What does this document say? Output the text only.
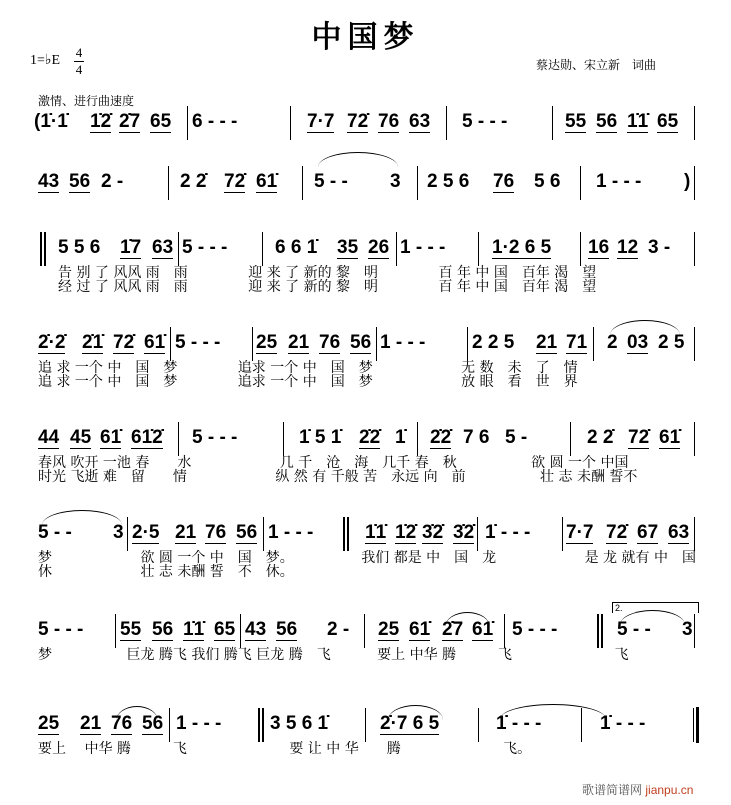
中国梦
1=♭E
4
4	蔡达勋、宋立新　词曲
激情、进行曲速度
(1̇·1̇ 1̇2̇ 2̇7 65 6 - - -	7·7 72̇ 76 63 5 - - -	55 56 1̇1̇ 65
43 56 2 -	2 2̇ 72̇ 61̇ 5 - - 3 2 5 6 76 5 6 1 - - - )
5 5 6 1̇7 63 5 - - -	6 6 1̇ 35 26 1 - - - 1·2 6 5 16 12 3 -
告 别 了 风风 雨　雨　　　　 迎 来 了 新的 黎　明　　　　 百 年 中 国　百年 渴　望
经 过 了 风风 雨　雨　　　　 迎 来 了 新的 黎　明　　　　 百 年 中 国　百年 渴　望
2̇·2̇ 2̇1̇ 72̇ 61̇ 5 - - - 25 21 76 56 1 - - - 2 2 5 21 71 2 03 2 5
追 求 一个 中　国　梦　　　　 追求 一个 中　国　梦　　　　　　 无 数　未　了　情
追 求 一个 中　国　梦　　　　 追求 一个 中　国　梦　　　　　　 放 眼　看　世　界
44 45 61̇ 61̇2̇ 5 - - -	1̇ 5 1̇ 2̇2̇ 1̇ 2̇2̇ 7 6 5 -	2 2̇ 72̇ 61̇
春风 吹开 一池 春　　水　　　　　　 几 千　沧　海　几千 春　秋　　　　　 欲 圆 一个 中国
时光 飞逝 难　留　　情　　　　　　 纵 然 有 千般 苦　永远 向　前　　　　　 壮 志 未酬 誓不
5 - - 3 2·5 21 76 56 1 - - -	1̇1̇ 1̇2̇ 3̇2̇ 3̇2̇ 1̇ - - - 7·7 72̇ 67 63
梦　　　　　　 欲 圆 一个 中　国　梦。　　　　　 我们 都是 中　国　龙　　　　　　 是 龙 就有 中　国
休　　　　　　 壮 志 未酬 誓　不　休。
5 - - - 55 56 1̇1̇ 65 43 56 2 - 25 61̇ 2̇7 61̇ 5 - - -	5 - - 3
2.
梦　　　　　 巨龙 腾飞 我们 腾飞 巨龙 腾　飞　　　 要上 中华 腾　　　飞　　　　　　　 飞
25 21 76 56 1 - - -	3 5 6 1̇	2̇·7 6 5	1̇ - - -	1̇ - - -
要上　 中华 腾　　　飞　　　　　　　 要 让 中 华　　腾　　　　　　　 飞。
歌谱简谱网 jianpu.cn
